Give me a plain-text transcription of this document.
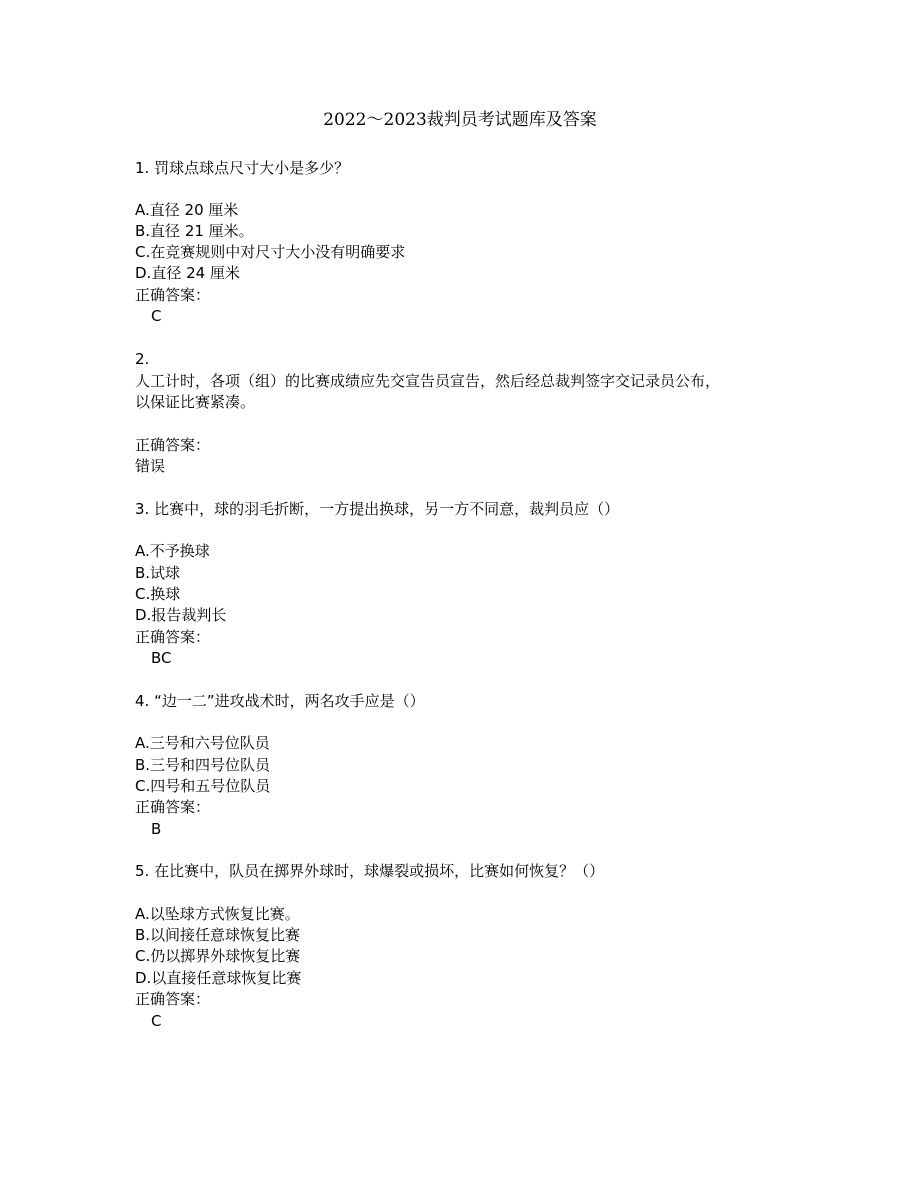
2022～2023裁判员考试题库及答案
1. 罚球点球点尺寸大小是多少？
A.直径 20 厘米
B.直径 21 厘米。
C.在竞赛规则中对尺寸大小没有明确要求
D.直径 24 厘米
正确答案：
C
2.
人工计时，各项（组）的比赛成绩应先交宣告员宣告，然后经总裁判签字交记录员公布，
以保证比赛紧凑。
正确答案：
错误
3. 比赛中，球的羽毛折断，一方提出换球，另一方不同意，裁判员应（）
A.不予换球
B.试球
C.换球
D.报告裁判长
正确答案：
BC
4. “边一二”进攻战术时，两名攻手应是（）
A.三号和六号位队员
B.三号和四号位队员
C.四号和五号位队员
正确答案：
B
5. 在比赛中，队员在掷界外球时，球爆裂或损坏，比赛如何恢复？（）
A.以坠球方式恢复比赛。
B.以间接任意球恢复比赛
C.仍以掷界外球恢复比赛
D.以直接任意球恢复比赛
正确答案：
C
